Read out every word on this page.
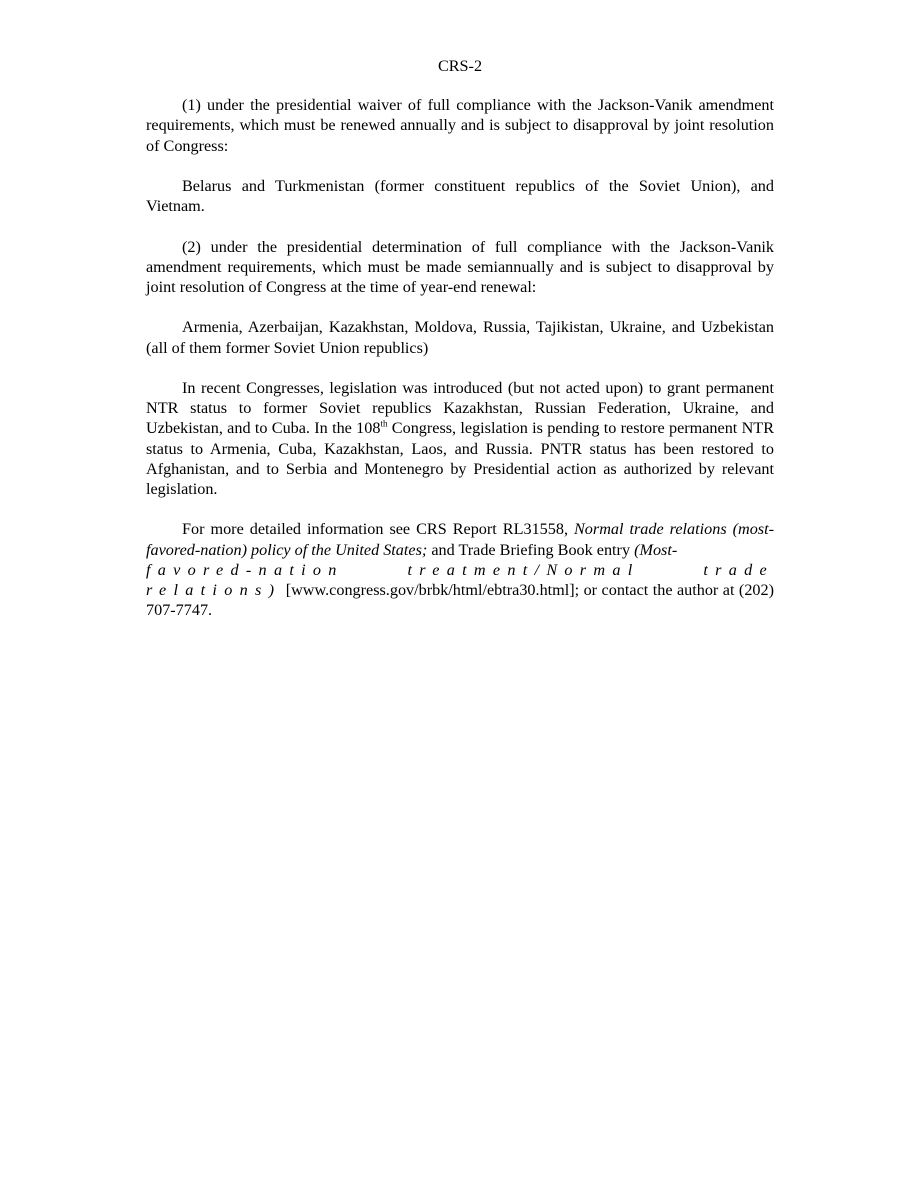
CRS-2

(1) under the presidential waiver of full compliance with the Jackson-Vanik amendment requirements, which must be renewed annually and is subject to disapproval by joint resolution of Congress:

Belarus and Turkmenistan (former constituent republics of the Soviet Union), and Vietnam.

(2) under the presidential determination of full compliance with the Jackson-Vanik amendment requirements, which must be made semiannually and is subject to disapproval by joint resolution of Congress at the time of year-end renewal:

Armenia, Azerbaijan, Kazakhstan, Moldova, Russia, Tajikistan, Ukraine, and Uzbekistan (all of them former Soviet Union republics)

In recent Congresses, legislation was introduced (but not acted upon) to grant permanent NTR status to former Soviet republics Kazakhstan, Russian Federation, Ukraine, and Uzbekistan, and to Cuba. In the 108th Congress, legislation is pending to restore permanent NTR status to Armenia, Cuba, Kazakhstan, Laos, and Russia. PNTR status has been restored to Afghanistan, and to Serbia and Montenegro by Presidential action as authorized by relevant legislation.

For more detailed information see CRS Report RL31558, Normal trade relations (most-favored-nation) policy of the United States; and Trade Briefing Book entry (Most-
favored-nation treatment/Normal trade relations) [www.congress.gov/brbk/html/ebtra30.html]; or contact the author at (202) 707-7747.
